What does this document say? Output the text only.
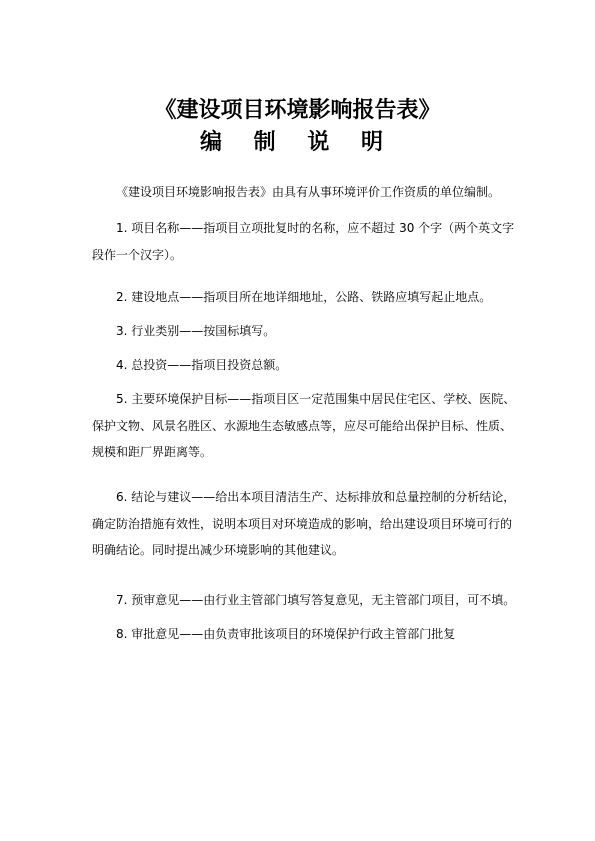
《建设项目环境影响报告表》
编 制 说 明

《建设项目环境影响报告表》由具有从事环境评价工作资质的单位编制。

1. 项目名称——指项目立项批复时的名称，应不超过 30 个字（两个英文字段作一个汉字）。

2. 建设地点——指项目所在地详细地址，公路、铁路应填写起止地点。

3. 行业类别——按国标填写。

4. 总投资——指项目投资总额。

5. 主要环境保护目标——指项目区一定范围集中居民住宅区、学校、医院、保护文物、风景名胜区、水源地生态敏感点等，应尽可能给出保护目标、性质、规模和距厂界距离等。

6. 结论与建议——给出本项目清洁生产、达标排放和总量控制的分析结论，确定防治措施有效性，说明本项目对环境造成的影响，给出建设项目环境可行的明确结论。同时提出减少环境影响的其他建议。

7. 预审意见——由行业主管部门填写答复意见，无主管部门项目，可不填。

8. 审批意见——由负责审批该项目的环境保护行政主管部门批复
